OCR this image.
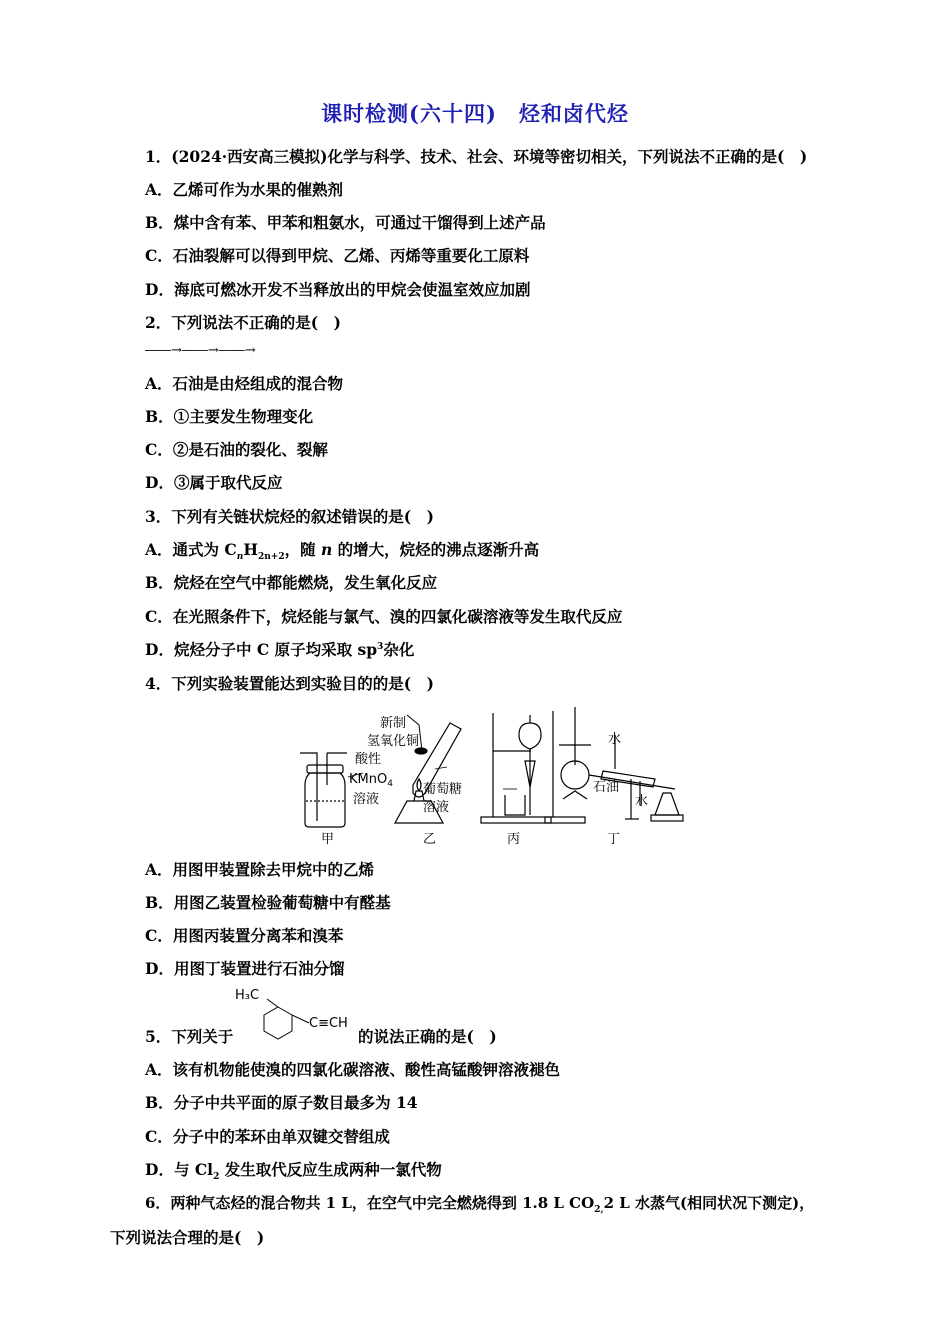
课时检测(六十四)　烃和卤代烃
1．(2024·西安高三模拟)化学与科学、技术、社会、环境等密切相关，下列说法不正确的是(　)
A．乙烯可作为水果的催熟剂
B．煤中含有苯、甲苯和粗氨水，可通过干馏得到上述产品
C．石油裂解可以得到甲烷、乙烯、丙烯等重要化工原料
D．海底可燃冰开发不当释放出的甲烷会使温室效应加剧
2．下列说法不正确的是(　)
――→――→――→
A．石油是由烃组成的混合物
B．①主要发生物理变化
C．②是石油的裂化、裂解
D．③属于取代反应
3．下列有关链状烷烃的叙述错误的是(　)
A．通式为 $C_nH_{2n+2}$，随 n 的增大，烷烃的沸点逐渐升高
B．烷烃在空气中都能燃烧，发生氧化反应
C．在光照条件下，烷烃能与氯气、溴的四氯化碳溶液等发生取代反应
D．烷烃分子中 C 原子均采取 $sp^3$杂化
4．下列实验装置能达到实验目的的是(　)
酸性
KMnO$_4$
溶液
新制
氢氧化铜
葡萄糖
溶液
水
石油
水
甲	乙	丙	丁
A．用图甲装置除去甲烷中的乙烯
B．用图乙装置检验葡萄糖中有醛基
C．用图丙装置分离苯和溴苯
D．用图丁装置进行石油分馏
5．下列关于
H₃C
C≡CH
的说法正确的是(　)
A．该有机物能使溴的四氯化碳溶液、酸性高锰酸钾溶液褪色
B．分子中共平面的原子数目最多为 14
C．分子中的苯环由单双键交替组成
D．与 $Cl_2$ 发生取代反应生成两种一氯代物
6．两种气态烃的混合物共 1 L，在空气中完全燃烧得到 1.8 L $CO_{2,}2$ L 水蒸气(相同状况下测定)，
下列说法合理的是(　)
